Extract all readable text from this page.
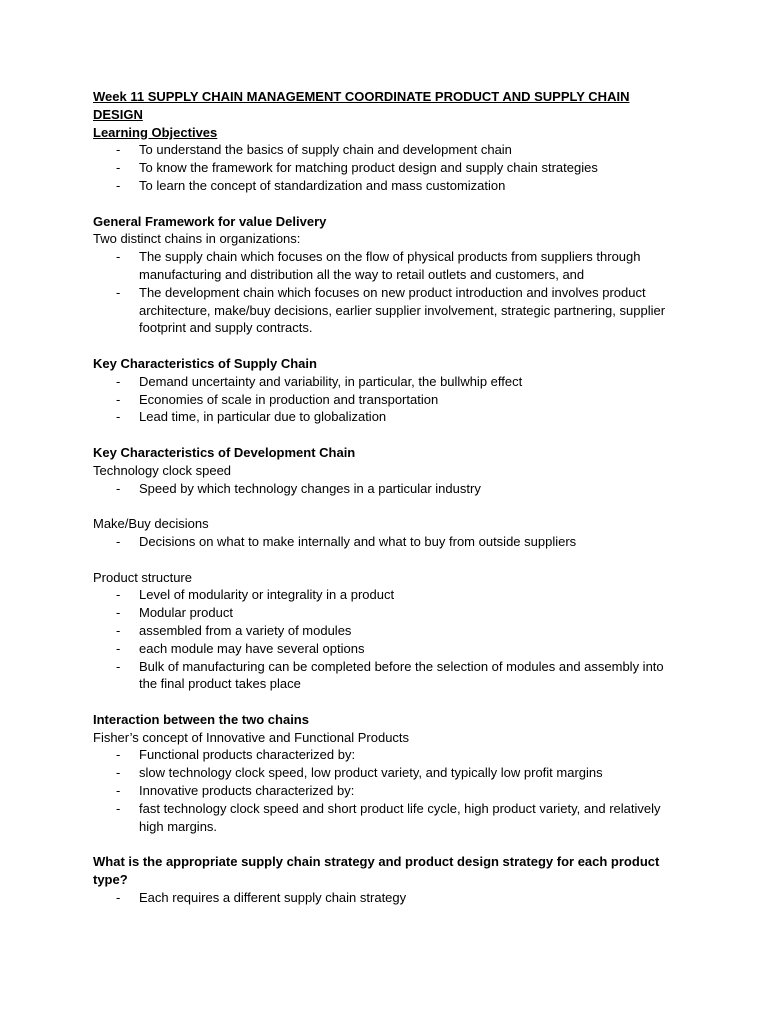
Week 11 SUPPLY CHAIN MANAGEMENT COORDINATE PRODUCT AND SUPPLY CHAIN DESIGN

Learning Objectives

- To understand the basics of supply chain and development chain
- To know the framework for matching product design and supply chain strategies
- To learn the concept of standardization and mass customization

General Framework for value Delivery

Two distinct chains in organizations:

- The supply chain which focuses on the flow of physical products from suppliers through manufacturing and distribution all the way to retail outlets and customers, and
- The development chain which focuses on new product introduction and involves product architecture, make/buy decisions, earlier supplier involvement, strategic partnering, supplier footprint and supply contracts.

Key Characteristics of Supply Chain

- Demand uncertainty and variability, in particular, the bullwhip effect
- Economies of scale in production and transportation
- Lead time, in particular due to globalization

Key Characteristics of Development Chain

Technology clock speed

- Speed by which technology changes in a particular industry

Make/Buy decisions

- Decisions on what to make internally and what to buy from outside suppliers

Product structure

- Level of modularity or integrality in a product
- Modular product
- assembled from a variety of modules
- each module may have several options
- Bulk of manufacturing can be completed before the selection of modules and assembly into the final product takes place

Interaction between the two chains

Fisher’s concept of Innovative and Functional Products

- Functional products characterized by:
- slow technology clock speed, low product variety, and typically low profit margins
- Innovative products characterized by:
- fast technology clock speed and short product life cycle, high product variety, and relatively high margins.

What is the appropriate supply chain strategy and product design strategy for each product type?

- Each requires a different supply chain strategy
